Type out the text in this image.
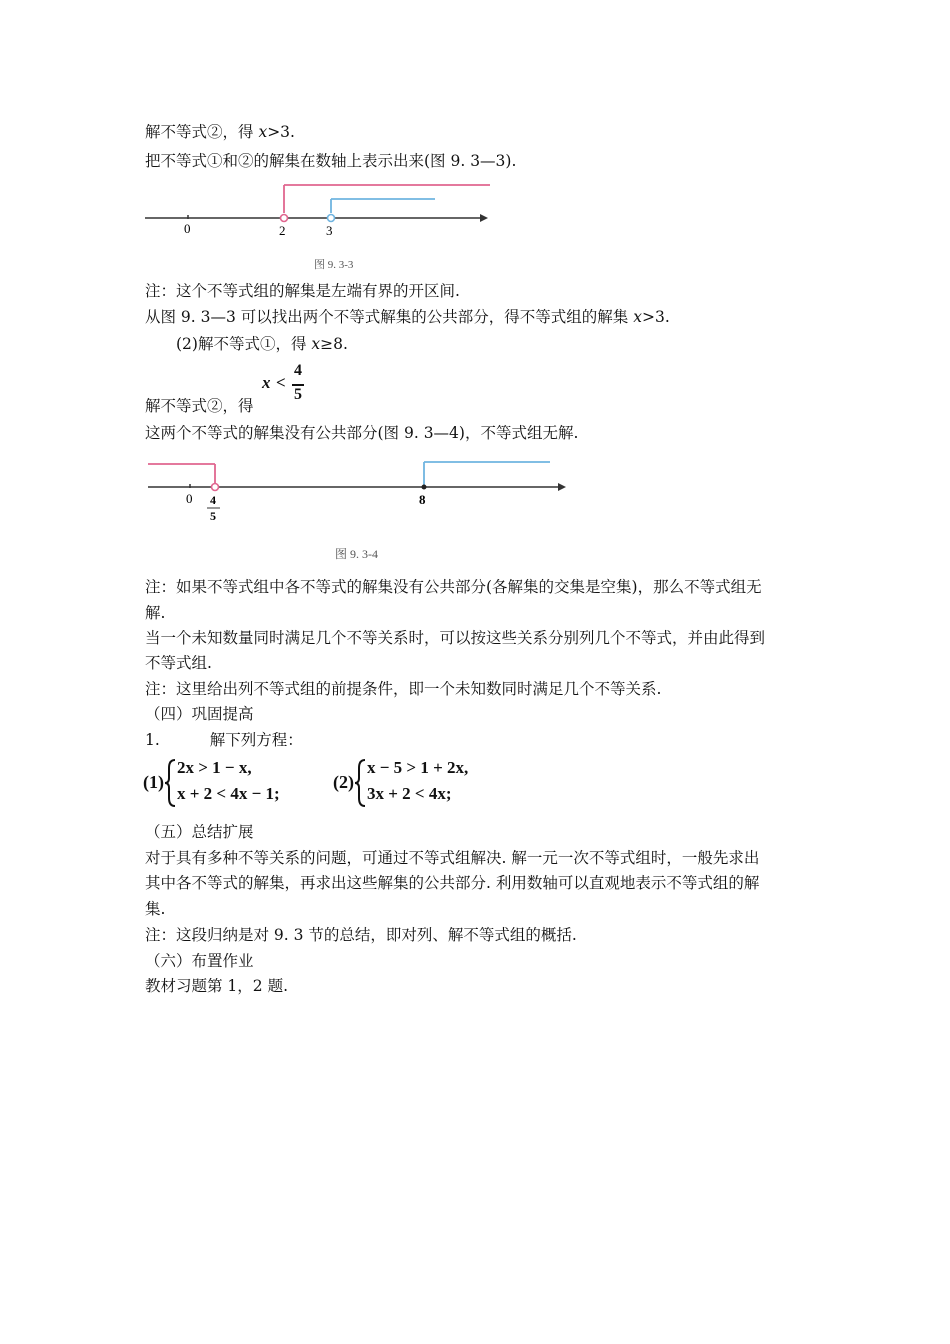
解不等式②，得 x>3.
把不等式①和②的解集在数轴上表示出来(图 9. 3—3).
0	2	3
图 9. 3-3
注：这个不等式组的解集是左端有界的开区间.
从图 9. 3—3 可以找出两个不等式解集的公共部分，得不等式组的解集 x>3.
(2)解不等式①，得 x≥8.
x <
4
5
解不等式②，得
这两个不等式的解集没有公共部分(图 9. 3—4)，不等式组无解.
0 4
5
8
图 9. 3-4
注：如果不等式组中各不等式的解集没有公共部分(各解集的交集是空集)，那么不等式组无
解.
当一个未知数量同时满足几个不等关系时，可以按这些关系分别列几个不等式，并由此得到
不等式组.
注：这里给出列不等式组的前提条件，即一个未知数同时满足几个不等关系.
（四）巩固提高
1.	解下列方程：
(1)
2x > 1 − x,
x + 2 < 4x − 1;
(2)
x − 5 > 1 + 2x,
3x + 2 < 4x;
（五）总结扩展
对于具有多种不等关系的问题，可通过不等式组解决. 解一元一次不等式组时，一般先求出
其中各不等式的解集，再求出这些解集的公共部分. 利用数轴可以直观地表示不等式组的解
集.
注：这段归纳是对 9. 3 节的总结，即对列、解不等式组的概括.
（六）布置作业
教材习题第 1，2 题.
